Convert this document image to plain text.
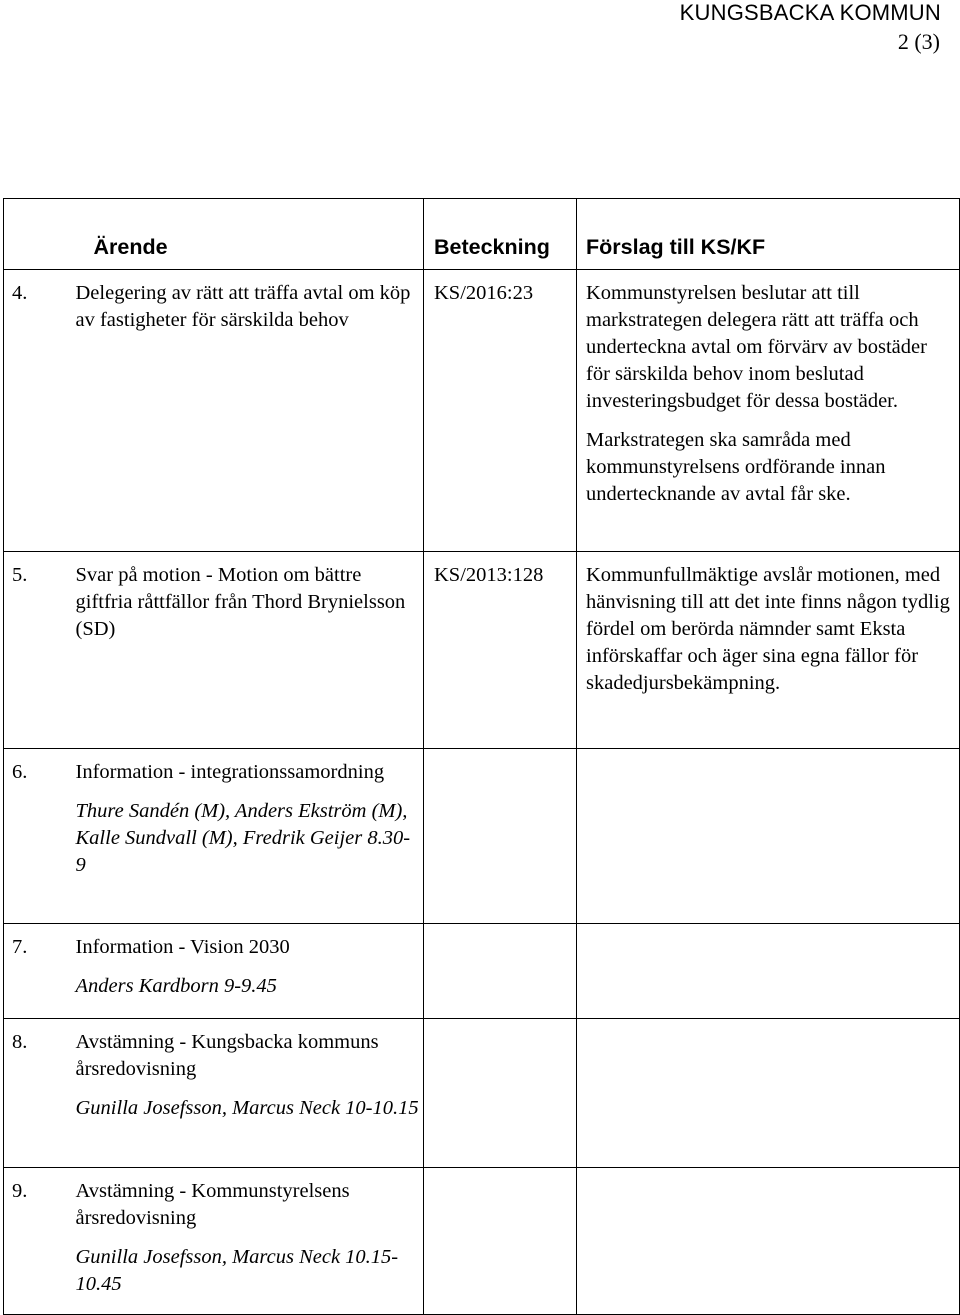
KUNGSBACKA KOMMUN
2 (3)
	Ärende	Beteckning	Förslag till KS/KF
4.	Delegering av rätt att träffa avtal om köp av fastigheter för särskilda behov	KS/2016:23	Kommunstyrelsen beslutar att till markstrategen delegera rätt att träffa och underteckna avtal om förvärv av bostäder för särskilda behov inom beslutad investeringsbudget för dessa bostäder.
Markstrategen ska samråda med kommunstyrelsens ordförande innan undertecknande av avtal får ske.

5.	Svar på motion - Motion om bättre giftfria råttfällor från Thord Brynielsson (SD)	KS/2013:128	Kommunfullmäktige avslår motionen, med hänvisning till att det inte finns någon tydlig fördel om berörda nämnder samt Eksta införskaffar och äger sina egna fällor för skadedjursbekämpning.
6.	Information - integrationssamordning
Thure Sandén (M), Anders Ekström (M), Kalle Sundvall (M), Fredrik Geijer 8.30-9		

7.	Information - Vision 2030
Anders Kardborn 9-9.45		

8.	Avstämning - Kungsbacka kommuns årsredovisning
Gunilla Josefsson, Marcus Neck 10-10.15		

9.	Avstämning - Kommunstyrelsens årsredovisning
Gunilla Josefsson, Marcus Neck 10.15-10.45		
